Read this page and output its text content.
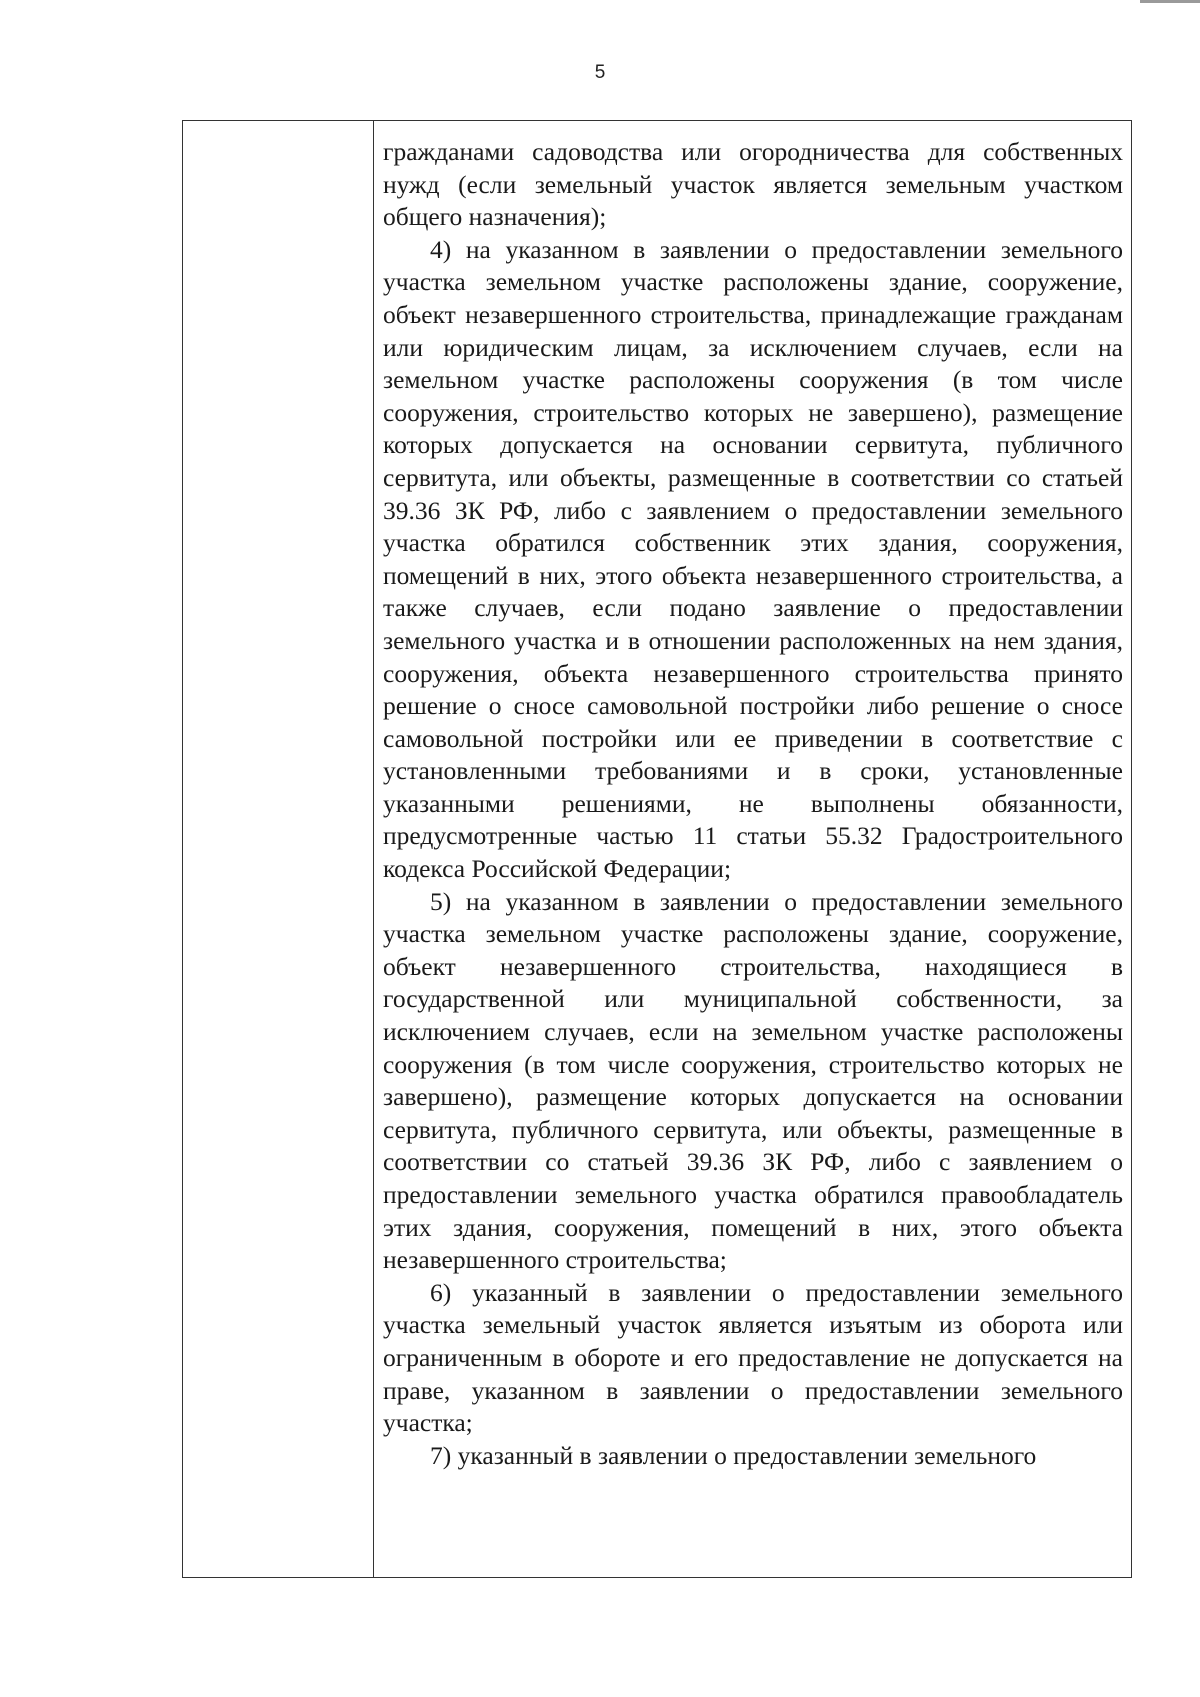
5

гражданами садоводства или огородничества для собственных нужд (если земельный участок является земельным участком общего назначения);

4) на указанном в заявлении о предоставлении земельного участка земельном участке расположены здание, сооружение, объект незавершенного строительства, принадлежащие гражданам или юридическим лицам, за исключением случаев, если на земельном участке расположены сооружения (в том числе сооружения, строительство которых не завершено), размещение которых допускается на основании сервитута, публичного сервитута, или объекты, размещенные в соответствии со статьей 39.36 ЗК РФ, либо с заявлением о предоставлении земельного участка обратился собственник этих здания, сооружения, помещений в них, этого объекта незавершенного строительства, а также случаев, если подано заявление о предоставлении земельного участка и в отношении расположенных на нем здания, сооружения, объекта незавершенного строительства принято решение о сносе самовольной постройки либо решение о сносе самовольной постройки или ее приведении в соответствие с установленными требованиями и в сроки, установленные указанными решениями, не выполнены обязанности, предусмотренные частью 11 статьи 55.32 Градостроительного кодекса Российской Федерации;

5) на указанном в заявлении о предоставлении земельного участка земельном участке расположены здание, сооружение, объект незавершенного строительства, находящиеся в государственной или муниципальной собственности, за исключением случаев, если на земельном участке расположены сооружения (в том числе сооружения, строительство которых не завершено), размещение которых допускается на основании сервитута, публичного сервитута, или объекты, размещенные в соответствии со статьей 39.36 ЗК РФ, либо с заявлением о предоставлении земельного участка обратился правообладатель этих здания, сооружения, помещений в них, этого объекта незавершенного строительства;

6) указанный в заявлении о предоставлении земельного участка земельный участок является изъятым из оборота или ограниченным в обороте и его предоставление не допускается на праве, указанном в заявлении о предоставлении земельного участка;

7) указанный в заявлении о предоставлении земельного
